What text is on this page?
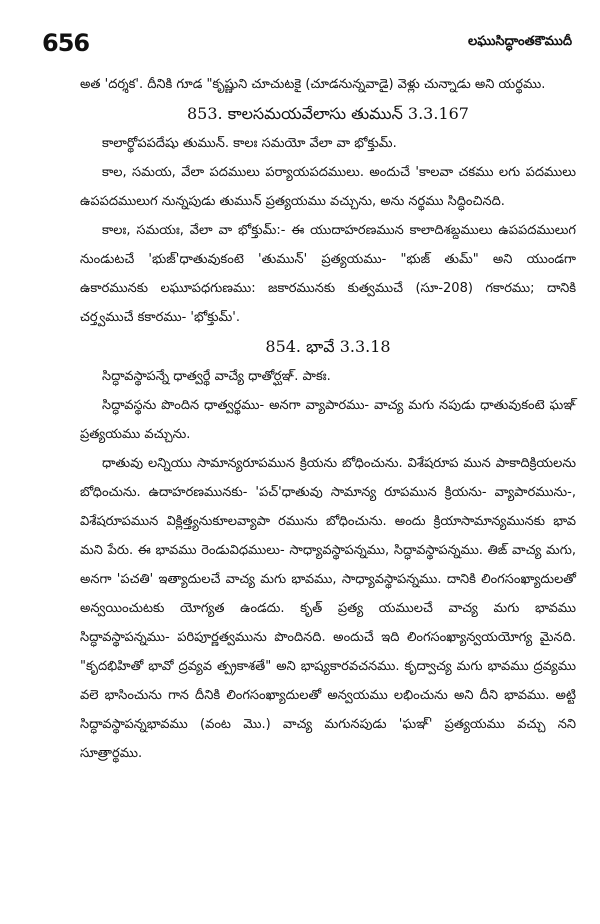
656	లఘుసిద్ధాంతకౌముదీ

అత 'దర్శక'. దీనికి గూడ "కృష్ణుని చూచుటకై (చూడనున్నవాడై) వెళ్లు చున్నాడు అని యర్థము.

853. కాలసమయవేలాసు తుమున్ 3.3.167

కాలార్థోపపదేషు తుమున్. కాలః సమయో వేలా వా భోక్తుమ్.

కాల, సమయ, వేలా పదములు పర్యాయపదములు. అందుచే 'కాలవా చకము లగు పదములు ఉపపదములుగ నున్నపుడు తుమున్ ప్రత్యయము వచ్చును, అను నర్థము సిద్ధించినది.

కాలః, సమయః, వేలా వా భోక్తుమ్:- ఈ యుదాహరణమున కాలాదిశబ్దములు ఉపపదములుగ నుండుటచే 'భుజ్'ధాతువుకంటె 'తుమున్' ప్రత్యయము- "భుజ్ తుమ్" అని యుండగా ఉకారమునకు లఘూపధగుణము: జకారమునకు కుత్వముచే (సూ-208) గకారము; దానికి చర్త్వముచే కకారము- 'భోక్తుమ్'.

854. భావే 3.3.18

సిద్ధావస్థాపన్నే ధాత్వర్థే వాచ్యే ధాతోర్ఘఞ్. పాకః.

సిద్ధావస్థను పొందిన ధాత్వర్థము- అనగా వ్యాపారము- వాచ్య మగు నపుడు ధాతువుకంటె ఘఞ్ ప్రత్యయము వచ్చును.

ధాతువు లన్నియు సామాన్యరూపమున క్రియను బోధించును. విశేషరూప మున పాకాదిక్రియలను బోధించును. ఉదాహరణమునకు- 'పచ్'ధాతువు సామాన్య రూపమున క్రియను- వ్యాపారమును-, విశేషరూపమున విక్లిత్త్యనుకూలవ్యాపా రమును బోధించును. అందు క్రియాసామాన్యమునకు భావ మని పేరు. ఈ భావము రెండువిధములు- సాధ్యావస్థాపన్నము, సిద్ధావస్థాపన్నము. తిఙ్ వాచ్య మగు, అనగా 'పచతి' ఇత్యాదులచే వాచ్య మగు భావము, సాధ్యావస్థాపన్నము. దానికి లింగసంఖ్యాదులతో అన్వయించుటకు యోగ్యత ఉండదు. కృత్ ప్రత్య యములచే వాచ్య మగు భావము సిద్ధావస్థాపన్నము- పరిపూర్ణత్వమును పొందినది. అందుచే ఇది లింగసంఖ్యాన్వయయోగ్య మైనది. "కృదభిహితో భావో ద్రవ్యవ త్ప్రకాశతే" అని భాష్యకారవచనము. కృద్వాచ్య మగు భావము ద్రవ్యము వలె భాసించును గాన దీనికి లింగసంఖ్యాదులతో అన్వయము లభించును అని దీని భావము. అట్టి సిద్ధావస్థాపన్నభావము (వంట మొ.) వాచ్య మగునపుడు 'ఘఞ్' ప్రత్యయము వచ్చు నని సూత్రార్థము.
